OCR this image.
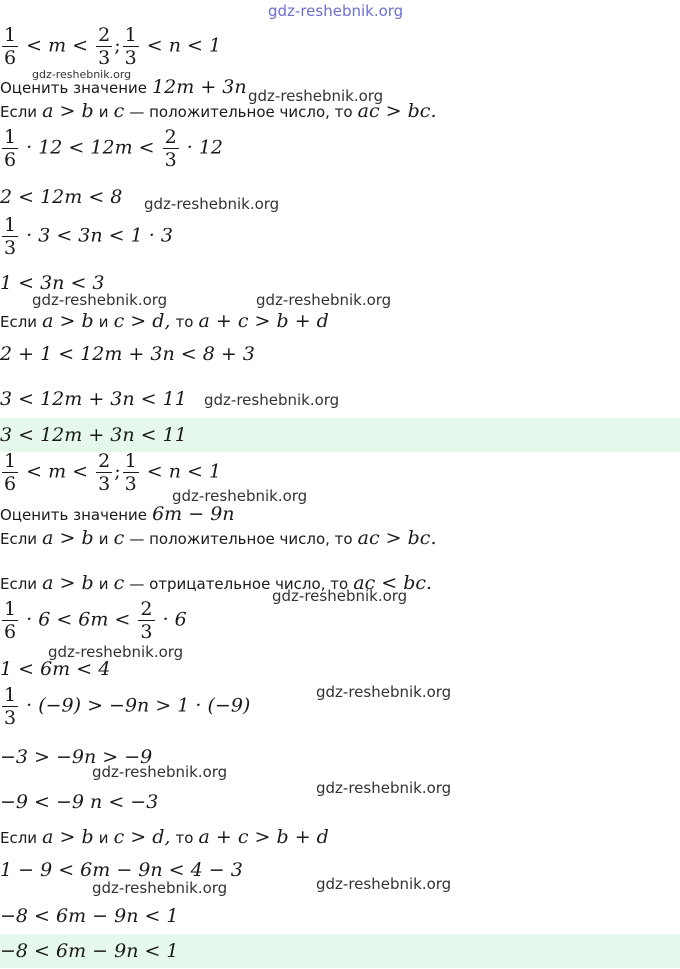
gdz-reshebnik.org
$\frac{1}{6} < m < \frac{2}{3}$ ; $\frac{1}{3} < n < 1$
Оценить значение 12m + 3n
gdz-reshebnik.org
gdz-reshebnik.org
Если a > b и c — положительное число, то ac > bc.
$\frac{1}{6} \cdot 12 < 12m < \frac{2}{3} \cdot 12$
2 < 12m < 8 gdz-reshebnik.org
$\frac{1}{3} \cdot 3 < 3n < 1 \cdot 3$
1 < 3n < 3
gdz-reshebnik.org	gdz-reshebnik.org
Если a > b и c > d, то a + c > b + d
2 + 1 < 12m + 3n < 8 + 3
3 < 12m + 3n < 11 gdz-reshebnik.org
3 < 12m + 3n < 11
$\frac{1}{6} < m < \frac{2}{3}$ ; $\frac{1}{3} < n < 1$
gdz-reshebnik.org
Оценить значение 6m − 9n
Если a > b и c — положительное число, то ac > bc.
Если a > b и c — отрицательное число, то ac < bc.
gdz-reshebnik.org
$\frac{1}{6} \cdot 6 < 6m < \frac{2}{3} \cdot 6$
1 < 6m < 4
gdz-reshebnik.org
$\frac{1}{3} \cdot (-9) > -9n > 1 \cdot (-9)$
gdz-reshebnik.org
−3 > −9n > −9
gdz-reshebnik.org
−9 < −9 n < −3
gdz-reshebnik.org
Если a > b и c > d, то a + c > b + d
1 − 9 < 6m − 9n < 4 − 3
gdz-reshebnik.org	gdz-reshebnik.org
−8 < 6m − 9n < 1
−8 < 6m − 9n < 1
